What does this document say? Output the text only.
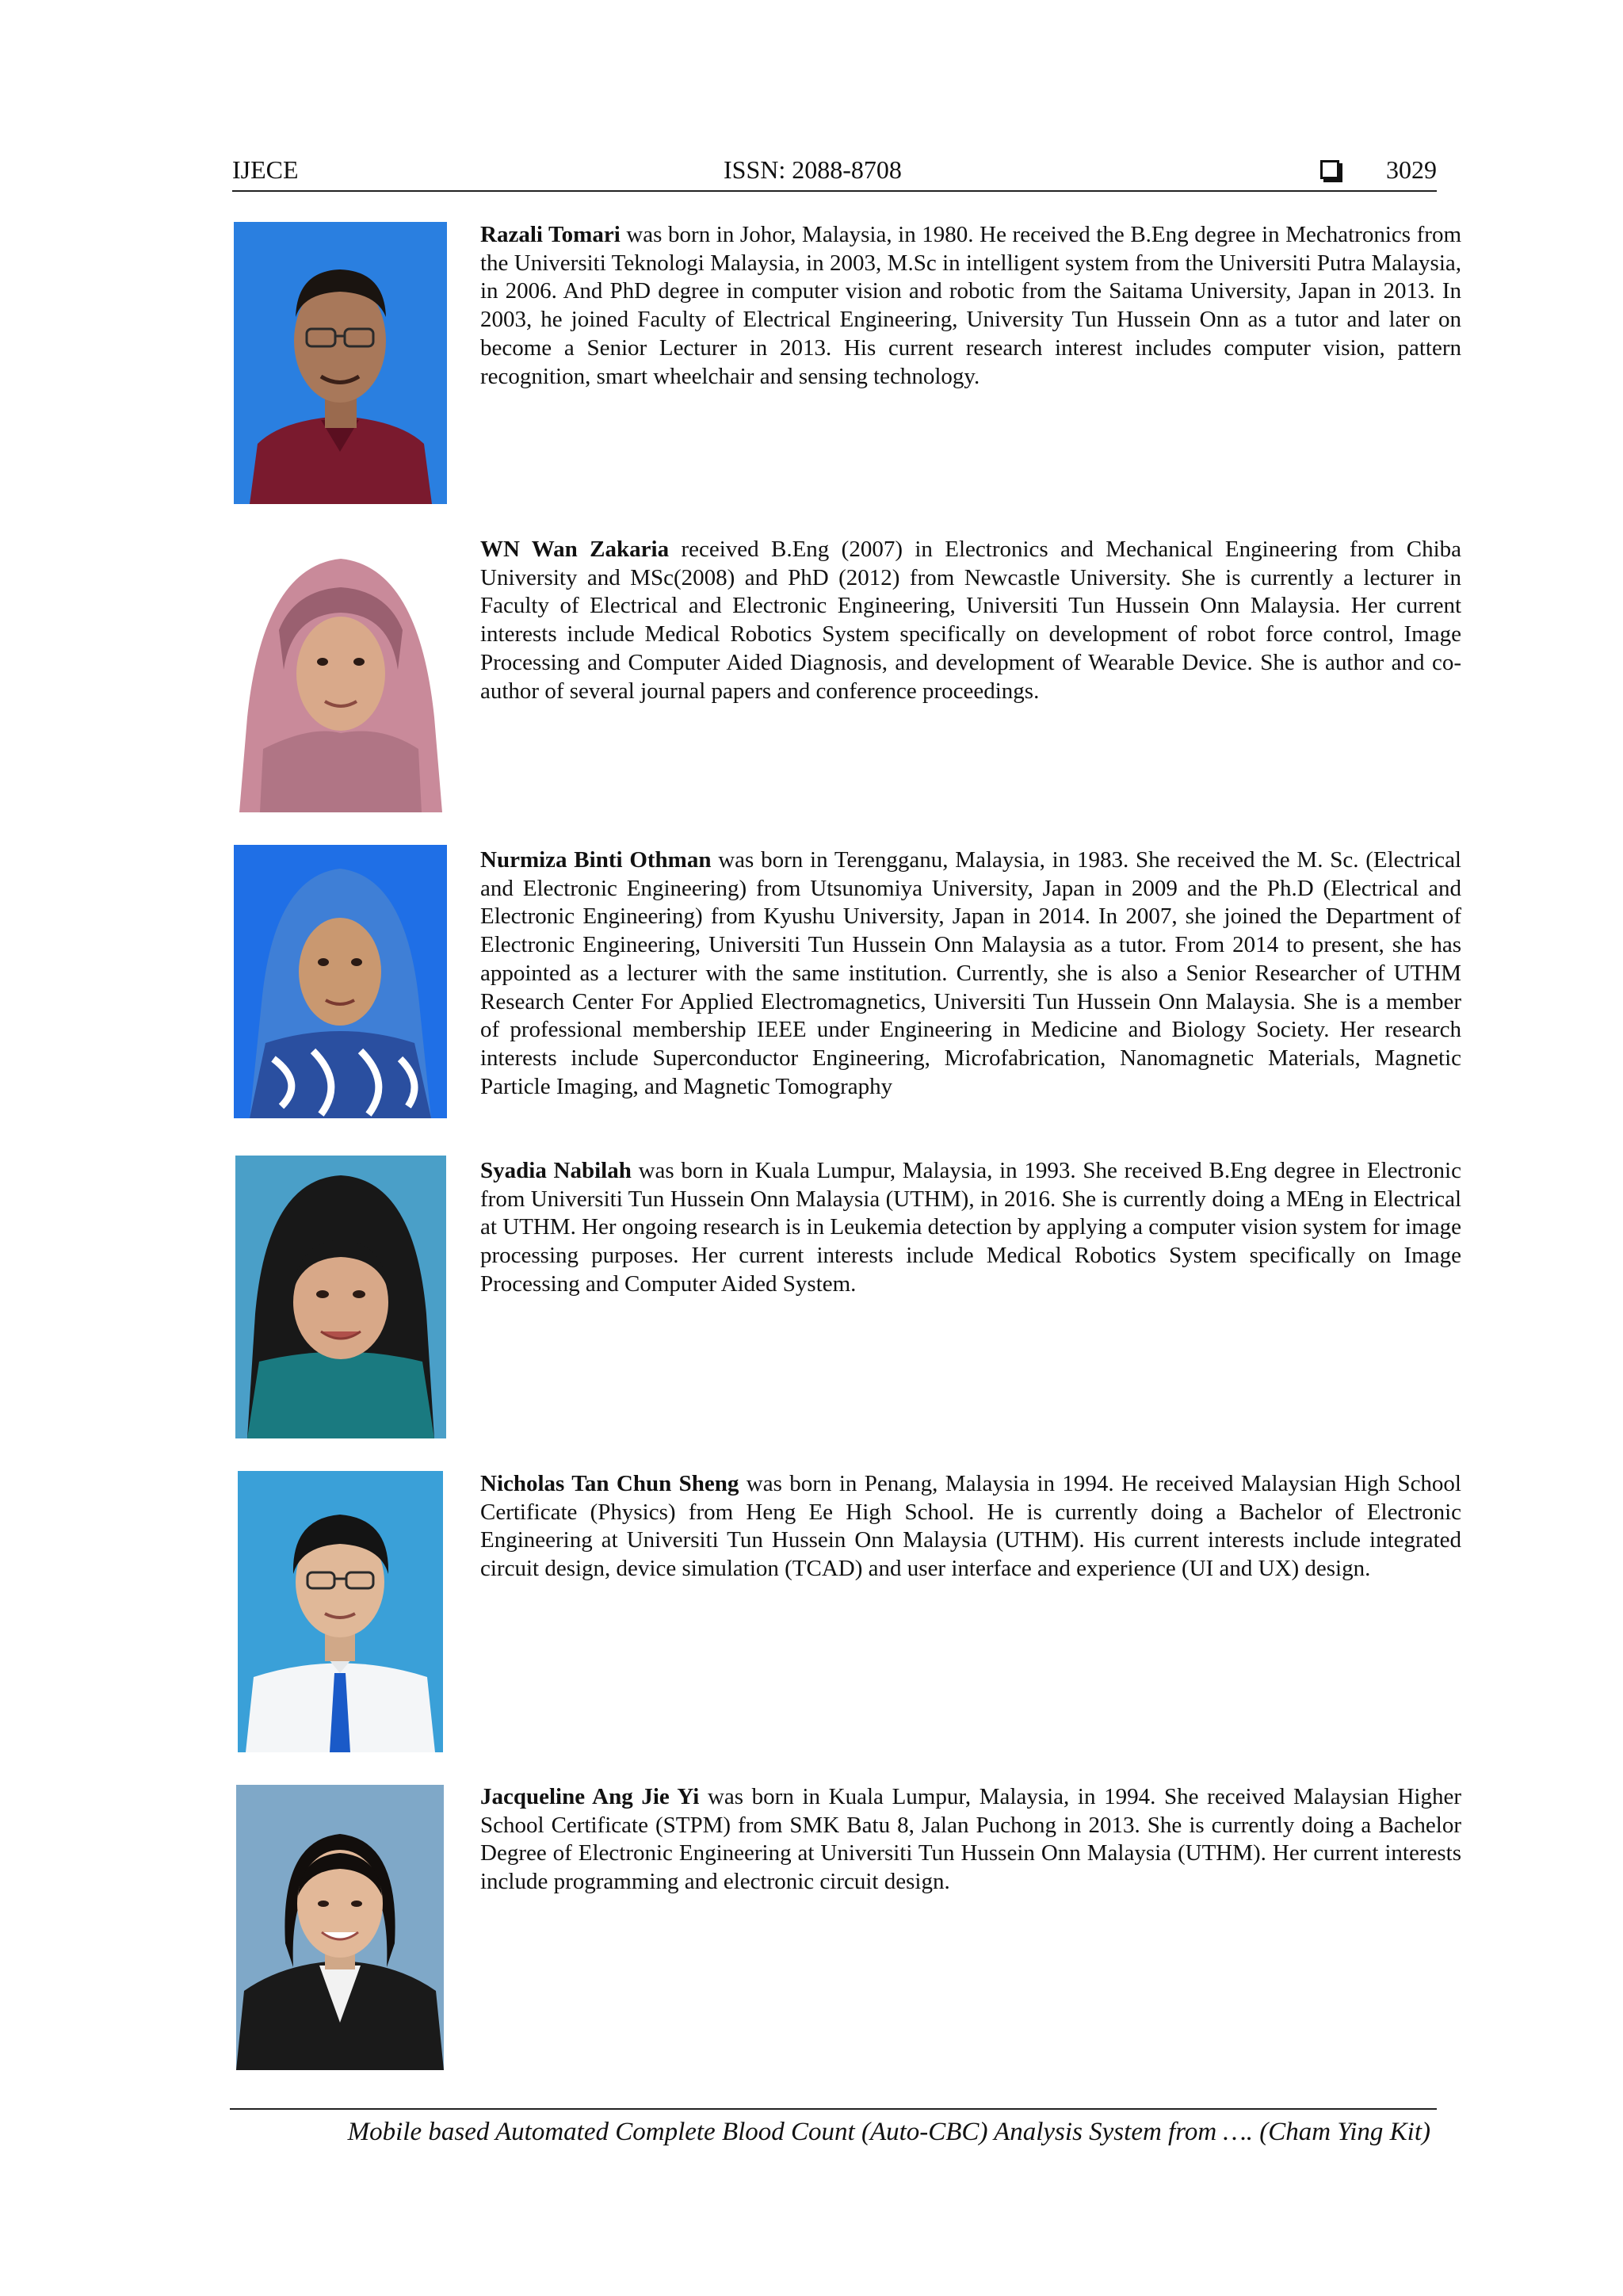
IJECE	ISSN: 2088-8708	3029
Razali Tomari was born in Johor, Malaysia, in 1980. He received the B.Eng degree in Mechatronics from the Universiti Teknologi Malaysia, in 2003, M.Sc in intelligent system from the Universiti Putra Malaysia, in 2006. And PhD degree in computer vision and robotic from the Saitama University, Japan in 2013. In 2003, he joined Faculty of Electrical Engineering, University Tun Hussein Onn as a tutor and later on become a Senior Lecturer in 2013. His current research interest includes computer vision, pattern recognition, smart wheelchair and sensing technology.
WN Wan Zakaria received B.Eng (2007) in Electronics and Mechanical Engineering from Chiba University and MSc(2008) and PhD (2012) from Newcastle University. She is currently a lecturer in Faculty of Electrical and Electronic Engineering, Universiti Tun Hussein Onn Malaysia. Her current interests include Medical Robotics System specifically on development of robot force control, Image Processing and Computer Aided Diagnosis, and development of Wearable Device. She is author and co-author of several journal papers and conference proceedings.
Nurmiza Binti Othman was born in Terengganu, Malaysia, in 1983. She received the M. Sc. (Electrical and Electronic Engineering) from Utsunomiya University, Japan in 2009 and the Ph.D (Electrical and Electronic Engineering) from Kyushu University, Japan in 2014. In 2007, she joined the Department of Electronic Engineering, Universiti Tun Hussein Onn Malaysia as a tutor. From 2014 to present, she has appointed as a lecturer with the same institution. Currently, she is also a Senior Researcher of UTHM Research Center For Applied Electromagnetics, Universiti Tun Hussein Onn Malaysia. She is a member of professional membership IEEE under Engineering in Medicine and Biology Society. Her research interests include Superconductor Engineering, Microfabrication, Nanomagnetic Materials, Magnetic Particle Imaging, and Magnetic Tomography
Syadia Nabilah was born in Kuala Lumpur, Malaysia, in 1993. She received B.Eng degree in Electronic from Universiti Tun Hussein Onn Malaysia (UTHM), in 2016. She is currently doing a MEng in Electrical at UTHM. Her ongoing research is in Leukemia detection by applying a computer vision system for image processing purposes. Her current interests include Medical Robotics System specifically on Image Processing and Computer Aided System.
Nicholas Tan Chun Sheng was born in Penang, Malaysia in 1994. He received Malaysian High School Certificate (Physics) from Heng Ee High School. He is currently doing a Bachelor of Electronic Engineering at Universiti Tun Hussein Onn Malaysia (UTHM). His current interests include integrated circuit design, device simulation (TCAD) and user interface and experience (UI and UX) design.
Jacqueline Ang Jie Yi was born in Kuala Lumpur, Malaysia, in 1994. She received Malaysian Higher School Certificate (STPM) from SMK Batu 8, Jalan Puchong in 2013. She is currently doing a Bachelor Degree of Electronic Engineering at Universiti Tun Hussein Onn Malaysia (UTHM). Her current interests include programming and electronic circuit design.
Mobile based Automated Complete Blood Count (Auto-CBC) Analysis System from …. (Cham Ying Kit)
